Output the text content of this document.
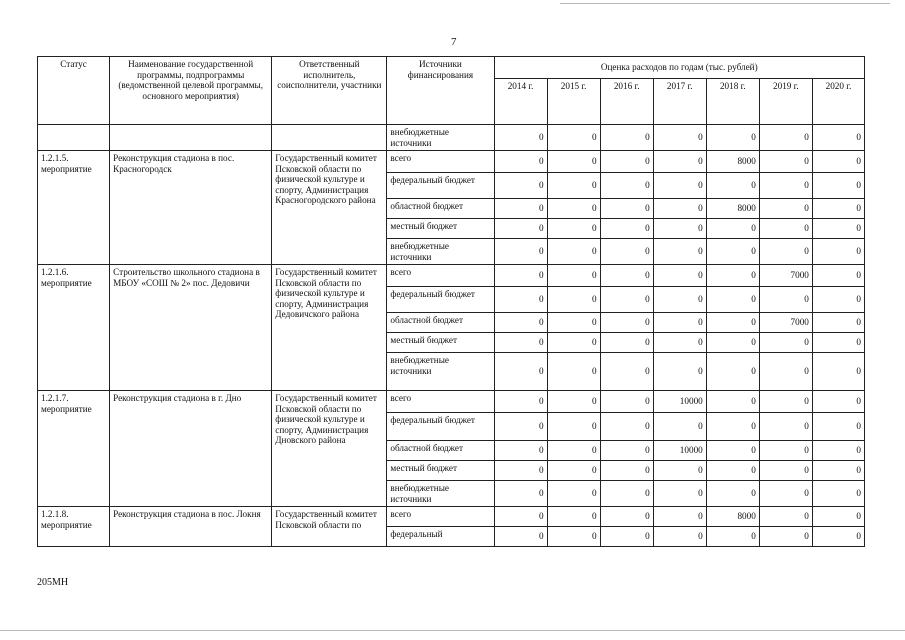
7
Статус	Наименование государственной программы, подпрограммы (ведомственной целевой программы, основного мероприятия)	Ответственный исполнитель, соисполнители, участники	Источники финансирования	Оценка расходов по годам (тыс. рублей)						
				2014 г.	2015 г.	2016 г.	2017 г.	2018 г.	2019 г.	2020 г.
			внебюджетные источники	0	0	0	0	0	0	0
1.2.1.5. мероприятие	Реконструкция стадиона в пос. Красногородск	Государственный комитет Псковской области по физической культуре и спорту, Администрация Красногородского района	всего	0	0	0	0	8000	0	0
			федеральный бюджет	0	0	0	0	0	0	0
			областной бюджет	0	0	0	0	8000	0	0
			местный бюджет	0	0	0	0	0	0	0
			внебюджетные источники	0	0	0	0	0	0	0
1.2.1.6. мероприятие	Строительство школьного стадиона в МБОУ «СОШ № 2» пос. Дедовичи	Государственный комитет Псковской области по физической культуре и спорту, Администрация Дедовичского района	всего	0	0	0	0	0	7000	0
			федеральный бюджет	0	0	0	0	0	0	0
			областной бюджет	0	0	0	0	0	7000	0
			местный бюджет	0	0	0	0	0	0	0
			внебюджетные источники	0	0	0	0	0	0	0
1.2.1.7. мероприятие	Реконструкция стадиона в г. Дно	Государственный комитет Псковской области по физической культуре и спорту, Администрация Дновского района	всего	0	0	0	10000	0	0	0
			федеральный бюджет	0	0	0	0	0	0	0
			областной бюджет	0	0	0	10000	0	0	0
			местный бюджет	0	0	0	0	0	0	0
			внебюджетные источники	0	0	0	0	0	0	0
1.2.1.8. мероприятие	Реконструкция стадиона в пос. Локня	Государственный комитет Псковской области по	всего	0	0	0	0	8000	0	0
			федеральный	0	0	0	0	0	0	0
205МН
